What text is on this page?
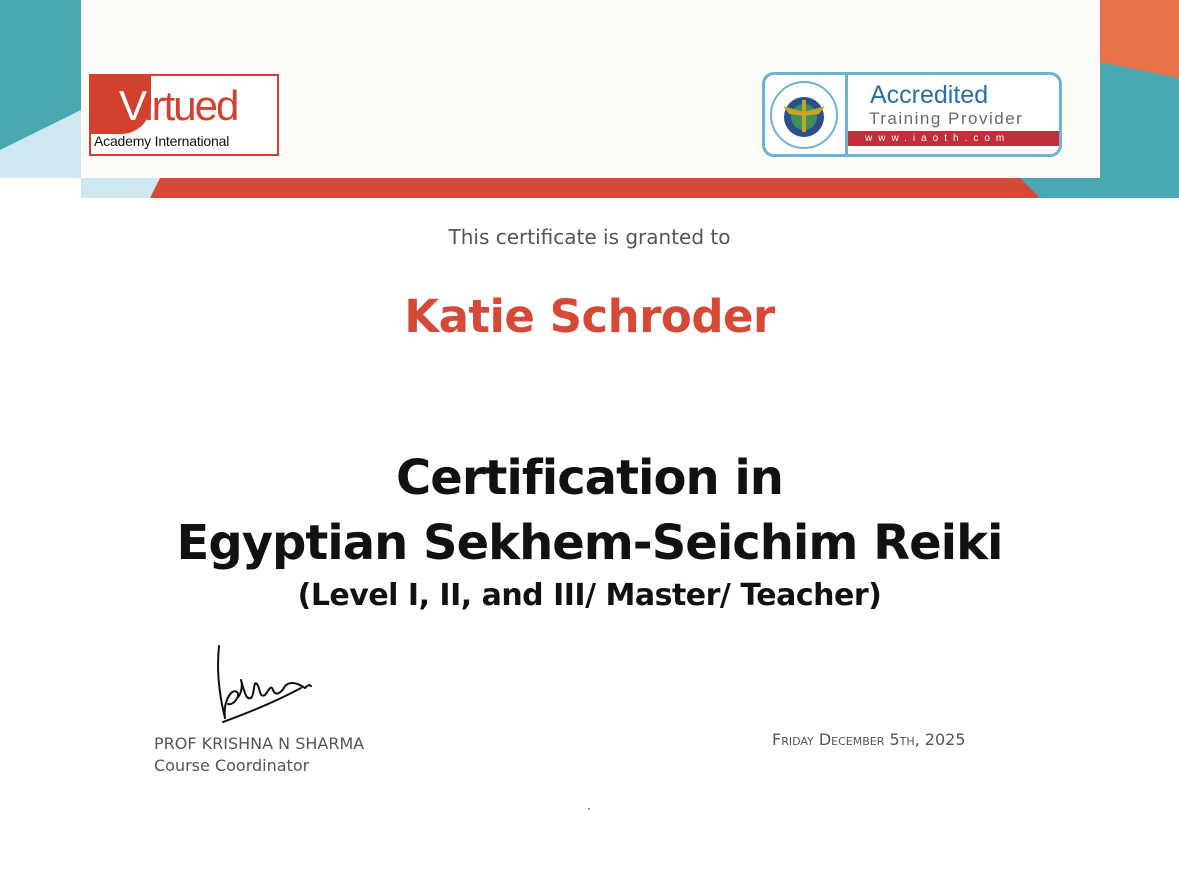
Virtued
Academy International
Accredited
Training Provider
www.iaoth.com
This certificate is granted to
Katie Schroder
Certification in
Egyptian Sekhem-Seichim Reiki
(Level I, II, and III/ Master/ Teacher)
PROF KRISHNA N SHARMA
Course Coordinator
Friday December 5th, 2025
